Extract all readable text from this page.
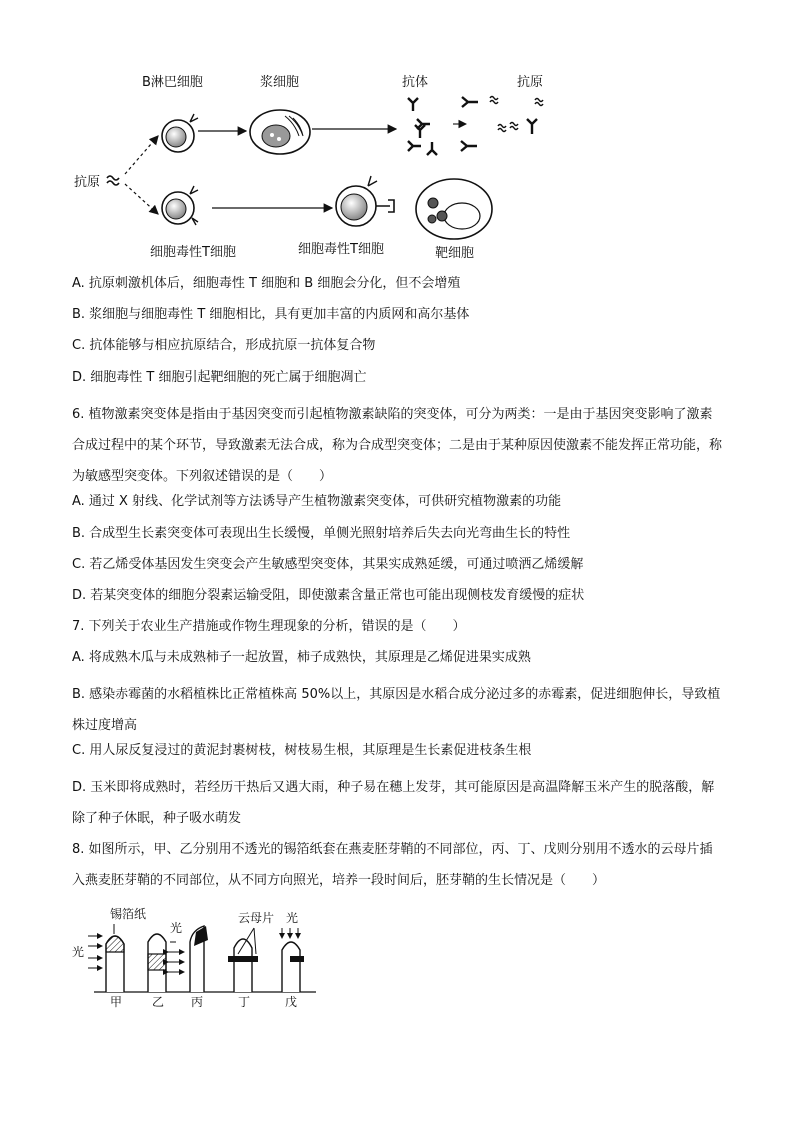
B淋巴细胞	浆细胞	抗体	抗原
抗原
细胞毒性T细胞	细胞毒性T细胞	靶细胞
A. 抗原刺激机体后，细胞毒性 T 细胞和 B 细胞会分化，但不会增殖
B. 浆细胞与细胞毒性 T 细胞相比，具有更加丰富的内质网和高尔基体
C. 抗体能够与相应抗原结合，形成抗原一抗体复合物
D. 细胞毒性 T 细胞引起靶细胞的死亡属于细胞凋亡
6. 植物激素突变体是指由于基因突变而引起植物激素缺陷的突变体，可分为两类：一是由于基因突变影响了激素合成过程中的某个环节，导致激素无法合成，称为合成型突变体；二是由于某种原因使激素不能发挥正常功能，称为敏感型突变体。下列叙述错误的是（　　）
A. 通过 X 射线、化学试剂等方法诱导产生植物激素突变体，可供研究植物激素的功能
B. 合成型生长素突变体可表现出生长缓慢，单侧光照射培养后失去向光弯曲生长的特性
C. 若乙烯受体基因发生突变会产生敏感型突变体，其果实成熟延缓，可通过喷洒乙烯缓解
D. 若某突变体的细胞分裂素运输受阻，即使激素含量正常也可能出现侧枝发育缓慢的症状
7. 下列关于农业生产措施或作物生理现象的分析，错误的是（　　）
A. 将成熟木瓜与未成熟柿子一起放置，柿子成熟快，其原理是乙烯促进果实成熟
B. 感染赤霉菌的水稻植株比正常植株高 50%以上，其原因是水稻合成分泌过多的赤霉素，促进细胞伸长，导致植株过度增高
C. 用人尿反复浸过的黄泥封裹树枝，树枝易生根，其原理是生长素促进枝条生根
D. 玉米即将成熟时，若经历干热后又遇大雨，种子易在穗上发芽，其可能原因是高温降解玉米产生的脱落酸，解除了种子休眠，种子吸水萌发
8. 如图所示，甲、乙分别用不透光的锡箔纸套在燕麦胚芽鞘的不同部位，丙、丁、戊则分别用不透水的云母片插入燕麦胚芽鞘的不同部位，从不同方向照光，培养一段时间后，胚芽鞘的生长情况是（　　）
锡箔纸	云母片
光
光
光
甲 乙 丙	丁	戊
